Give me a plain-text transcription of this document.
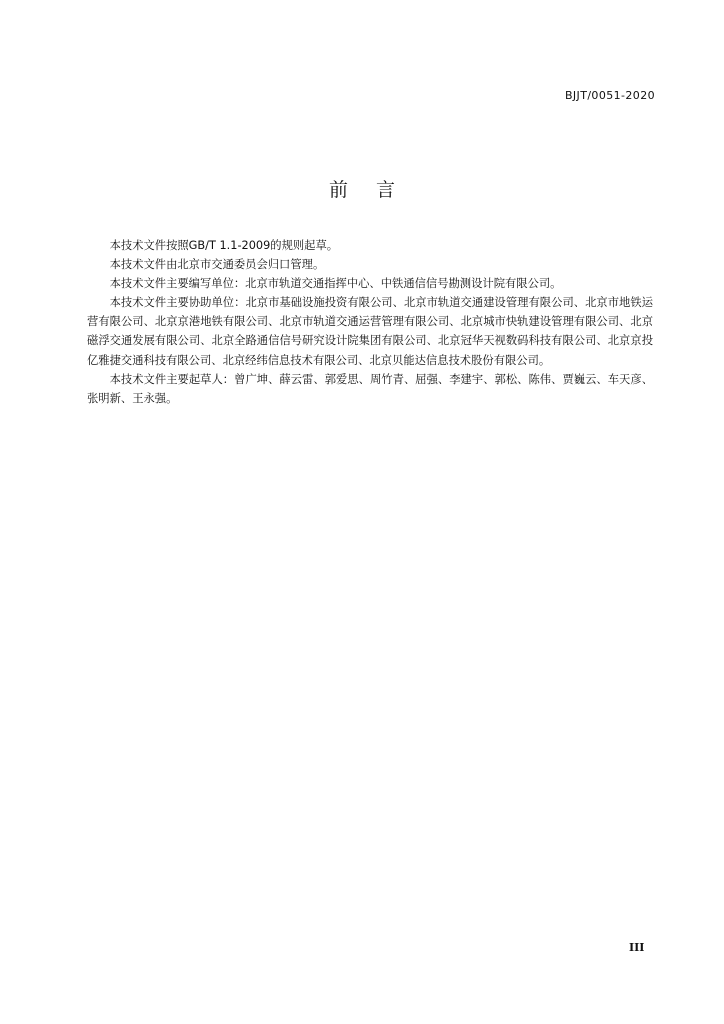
BJJT/0051-2020
前 言

本技术文件按照GB/T 1.1-2009的规则起草。

本技术文件由北京市交通委员会归口管理。

本技术文件主要编写单位：北京市轨道交通指挥中心、中铁通信信号勘测设计院有限公司。

本技术文件主要协助单位：北京市基础设施投资有限公司、北京市轨道交通建设管理有限公司、北京市地铁运营有限公司、北京京港地铁有限公司、北京市轨道交通运营管理有限公司、北京城市快轨建设管理有限公司、北京磁浮交通发展有限公司、北京全路通信信号研究设计院集团有限公司、北京冠华天视数码科技有限公司、北京京投亿雅捷交通科技有限公司、北京经纬信息技术有限公司、北京贝能达信息技术股份有限公司。

本技术文件主要起草人：曾广坤、薛云雷、郭爱思、周竹青、屈强、李建宇、郭松、陈伟、贾巍云、车天彦、张明新、王永强。

III
